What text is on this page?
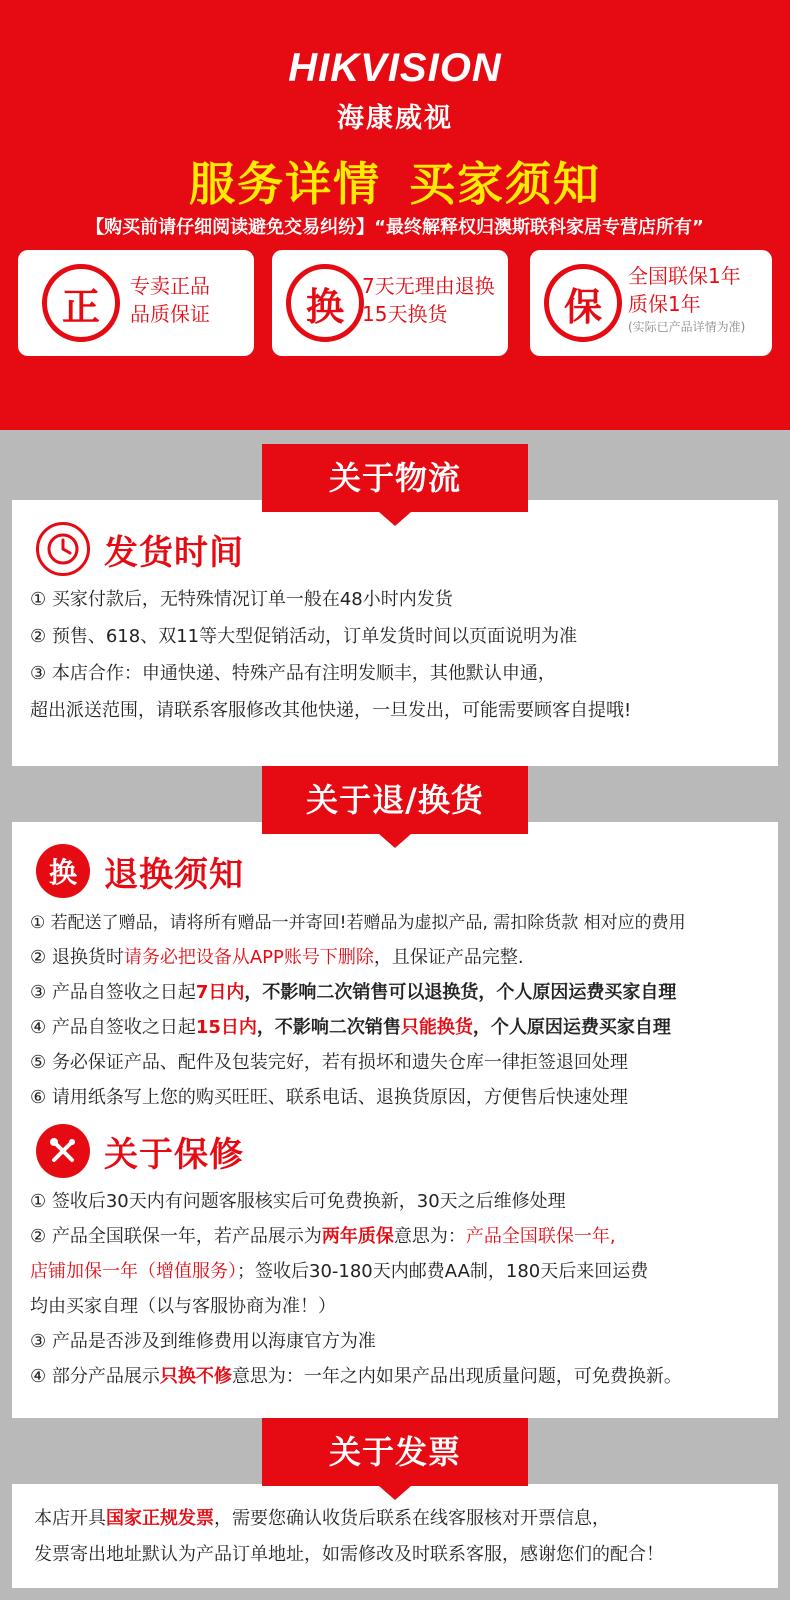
HIKVISION
海康威视
服务详情 买家须知
【购买前请仔细阅读避免交易纠纷】“最终解释权归澳斯联科家居专营店所有”
正	专卖正品
品质保证	换 7天无理由退换
15天换货	保
全国联保1年
质保1年
(实际已产品详情为准)
关于物流
发货时间
① 买家付款后，无特殊情况订单一般在48小时内发货
② 预售、618、双11等大型促销活动，订单发货时间以页面说明为准
③ 本店合作：申通快递、特殊产品有注明发顺丰，其他默认申通，
超出派送范围，请联系客服修改其他快递，一旦发出，可能需要顾客自提哦!
关于退/换货
换 退换须知
① 若配送了赠品，请将所有赠品一并寄回!若赠品为虚拟产品, 需扣除货款 相对应的费用
② 退换货时请务必把设备从APP账号下删除，且保证产品完整.
③ 产品自签收之日起7日内，不影响二次销售可以退换货，个人原因运费买家自理
④ 产品自签收之日起15日内，不影响二次销售只能换货，个人原因运费买家自理
⑤ 务必保证产品、配件及包装完好，若有损坏和遗失仓库一律拒签退回处理
⑥ 请用纸条写上您的购买旺旺、联系电话、退换货原因，方便售后快速处理
关于保修
① 签收后30天内有问题客服核实后可免费换新，30天之后维修处理
② 产品全国联保一年，若产品展示为两年质保意思为：产品全国联保一年,
店铺加保一年（增值服务）；签收后30-180天内邮费AA制，180天后来回运费
均由买家自理（以与客服协商为准！）
③ 产品是否涉及到维修费用以海康官方为准
④ 部分产品展示只换不修意思为：一年之内如果产品出现质量问题，可免费换新。
关于发票
本店开具国家正规发票，需要您确认收货后联系在线客服核对开票信息，
发票寄出地址默认为产品订单地址，如需修改及时联系客服，感谢您们的配合！
